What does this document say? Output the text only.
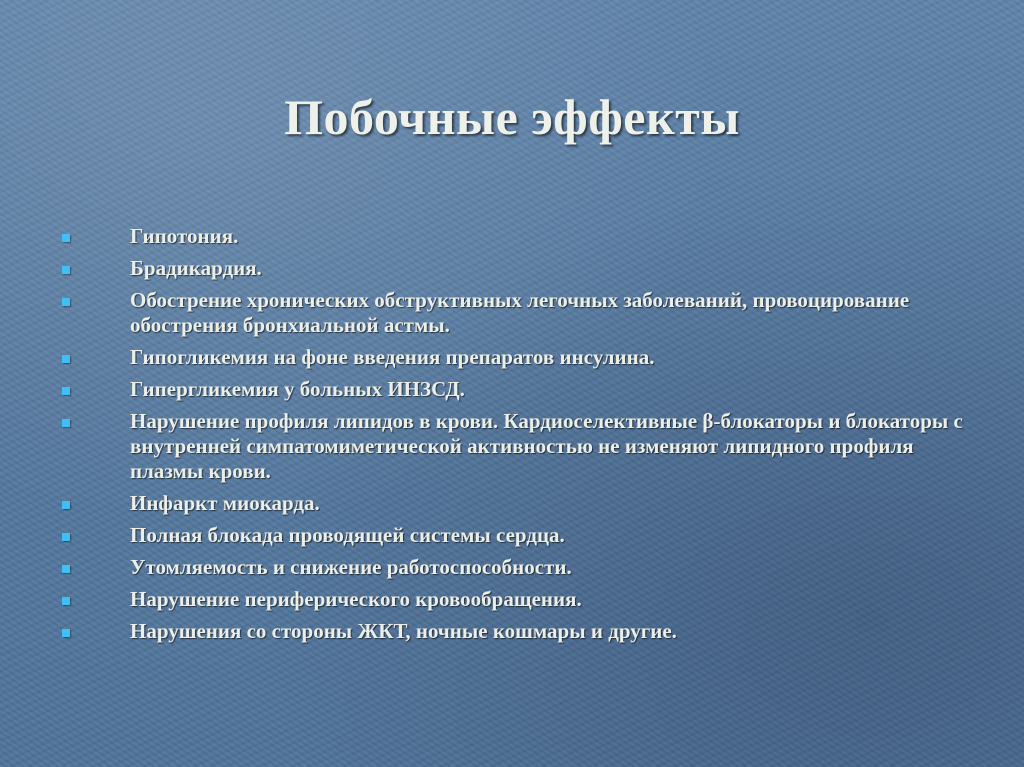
Побочные эффекты
Гипотония.
Брадикардия.
Обострение хронических обструктивных легочных заболеваний, провоцирование обострения бронхиальной астмы.
Гипогликемия на фоне введения препаратов инсулина.
Гипергликемия у больных ИНЗСД.
Нарушение профиля липидов в крови. Кардиоселективные β-блокаторы и блокаторы с внутренней симпатомиметической активностью не изменяют липидного профиля плазмы крови.
Инфаркт миокарда.
Полная блокада проводящей системы сердца.
Утомляемость и снижение работоспособности.
Нарушение периферического кровообращения.
Нарушения со стороны ЖКТ, ночные кошмары и другие.
